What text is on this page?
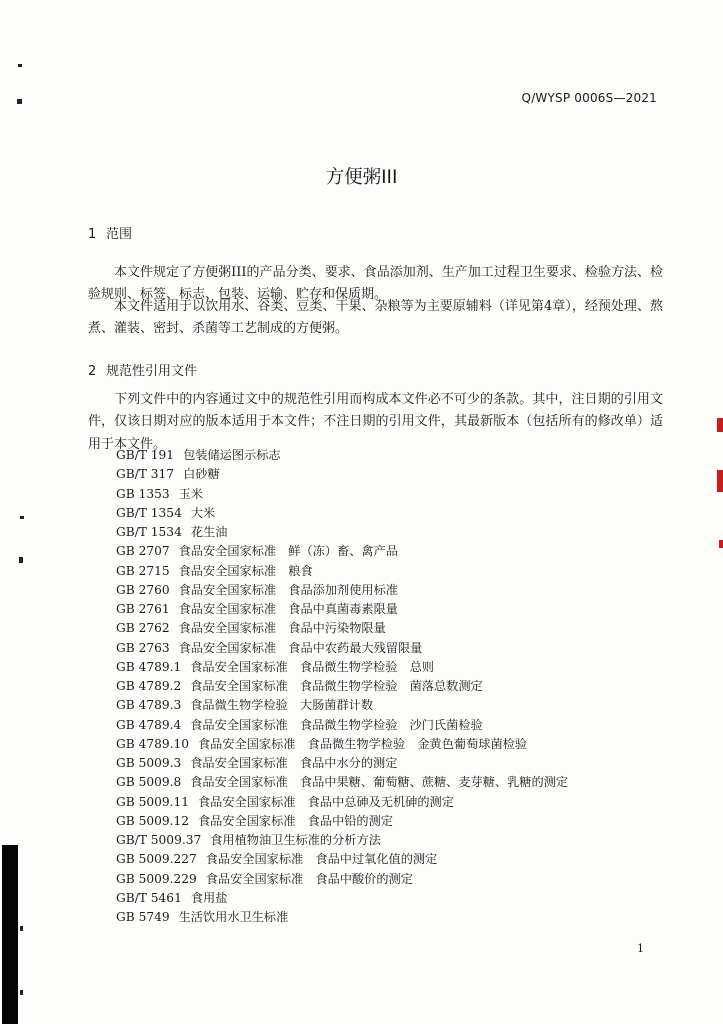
Q/WYSP 0006S—2021
方便粥III
1 范围

本文件规定了方便粥III的产品分类、要求、食品添加剂、生产加工过程卫生要求、检验方法、检验规则、标签、标志、包装、运输、贮存和保质期。

本文件适用于以饮用水、谷类、豆类、干果、杂粮等为主要原辅料（详见第4章），经预处理、熬煮、灌装、密封、杀菌等工艺制成的方便粥。

2 规范性引用文件

下列文件中的内容通过文中的规范性引用而构成本文件必不可少的条款。其中，注日期的引用文件，仅该日期对应的版本适用于本文件；不注日期的引用文件，其最新版本（包括所有的修改单）适用于本文件。

GB/T 191 包装储运图示标志
GB/T 317 白砂糖
GB 1353 玉米
GB/T 1354 大米
GB/T 1534 花生油
GB 2707 食品安全国家标准　鲜（冻）畜、禽产品
GB 2715 食品安全国家标准　粮食
GB 2760 食品安全国家标准　食品添加剂使用标准
GB 2761 食品安全国家标准　食品中真菌毒素限量
GB 2762 食品安全国家标准　食品中污染物限量
GB 2763 食品安全国家标准　食品中农药最大残留限量
GB 4789.1 食品安全国家标准　食品微生物学检验　总则
GB 4789.2 食品安全国家标准　食品微生物学检验　菌落总数测定
GB 4789.3 食品微生物学检验　大肠菌群计数
GB 4789.4 食品安全国家标准　食品微生物学检验　沙门氏菌检验
GB 4789.10 食品安全国家标准　食品微生物学检验　金黄色葡萄球菌检验
GB 5009.3 食品安全国家标准　食品中水分的测定
GB 5009.8 食品安全国家标准　食品中果糖、葡萄糖、蔗糖、麦芽糖、乳糖的测定
GB 5009.11 食品安全国家标准　食品中总砷及无机砷的测定
GB 5009.12 食品安全国家标准　食品中铅的测定
GB/T 5009.37 食用植物油卫生标准的分析方法
GB 5009.227 食品安全国家标准　食品中过氧化值的测定
GB 5009.229 食品安全国家标准　食品中酸价的测定
GB/T 5461 食用盐
GB 5749 生活饮用水卫生标准
1
